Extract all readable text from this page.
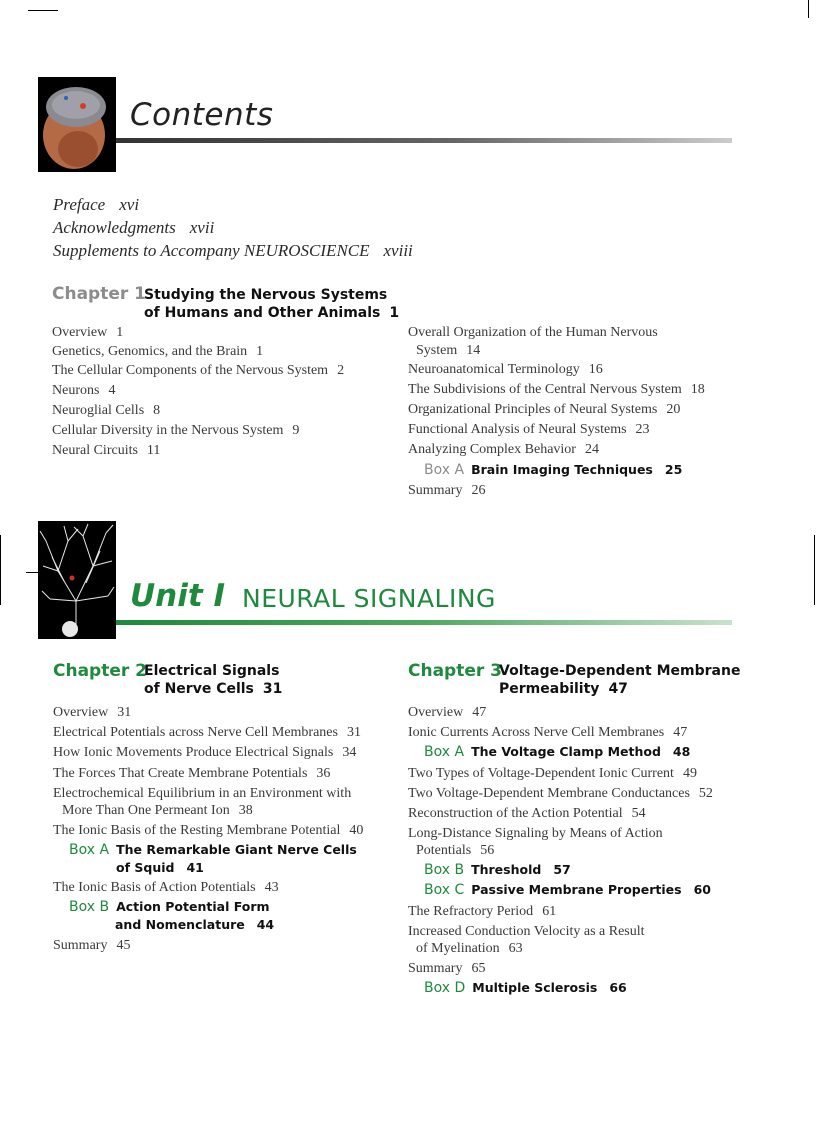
Contents
Preface xvi
Acknowledgments xvii
Supplements to Accompany NEUROSCIENCE xviii
Chapter 1
Studying the Nervous Systems
of Humans and Other Animals 1
Overview 1
Genetics, Genomics, and the Brain 1
The Cellular Components of the Nervous System 2
Neurons 4
Neuroglial Cells 8
Cellular Diversity in the Nervous System 9
Neural Circuits 11
Overall Organization of the Human Nervous
System 14
Neuroanatomical Terminology 16
The Subdivisions of the Central Nervous System 18
Organizational Principles of Neural Systems 20
Functional Analysis of Neural Systems 23
Analyzing Complex Behavior 24
Box A Brain Imaging Techniques 25
Summary 26
Unit I NEURAL SIGNALING
Chapter 2
Electrical Signals
of Nerve Cells 31
Overview 31
Electrical Potentials across Nerve Cell Membranes 31
How Ionic Movements Produce Electrical Signals 34
The Forces That Create Membrane Potentials 36
Electrochemical Equilibrium in an Environment with
More Than One Permeant Ion 38
The Ionic Basis of the Resting Membrane Potential 40
Box A The Remarkable Giant Nerve Cells
of Squid 41
The Ionic Basis of Action Potentials 43
Box B Action Potential Form
and Nomenclature 44
Summary 45
Chapter 3
Voltage-Dependent Membrane
Permeability 47
Overview 47
Ionic Currents Across Nerve Cell Membranes 47
Box A The Voltage Clamp Method 48
Two Types of Voltage-Dependent Ionic Current 49
Two Voltage-Dependent Membrane Conductances 52
Reconstruction of the Action Potential 54
Long-Distance Signaling by Means of Action
Potentials 56
Box B Threshold 57
Box C Passive Membrane Properties 60
The Refractory Period 61
Increased Conduction Velocity as a Result
of Myelination 63
Summary 65
Box D Multiple Sclerosis 66
